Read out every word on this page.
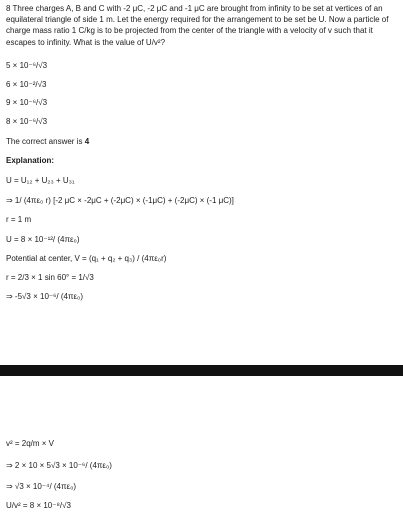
8 Three charges A, B and C with -2 μC, -2 μC and -1 μC are brought from infinity to be set at vertices of an equilateral triangle of side 1 m. Let the energy required for the arrangement to be set be U. Now a particle of charge mass ratio 1 C/kg is to be projected from the center of the triangle with a velocity of v such that it escapes to infinity. What is the value of U/v²?
5 × 10⁻⁶/√3
6 × 10⁻²/√3
9 × 10⁻⁶/√3
8 × 10⁻⁶/√3
The correct answer is 4
Explanation:
U = U₁₂ + U₂₃ + U₃₁
⇒ 1/ (4πε₀ r) [-2 μC × -2μC + (-2μC) × (-1μC) + (-2μC) × (-1 μC)]
r = 1 m
U = 8 × 10⁻¹²/ (4πε₀)
Potential at center, V = (q₁ + q₂ + q₃) / (4πε₀r)
r = 2/3 × 1 sin 60° = 1/√3
⇒ -5√3 × 10⁻⁶/ (4πε₀)
v² = 2q/m × V
⇒ 2 × 10 × 5√3 × 10⁻⁶/ (4πε₀)
⇒ √3 × 10⁻⁴/ (4πε₀)
U/v² = 8 × 10⁻⁸/√3
